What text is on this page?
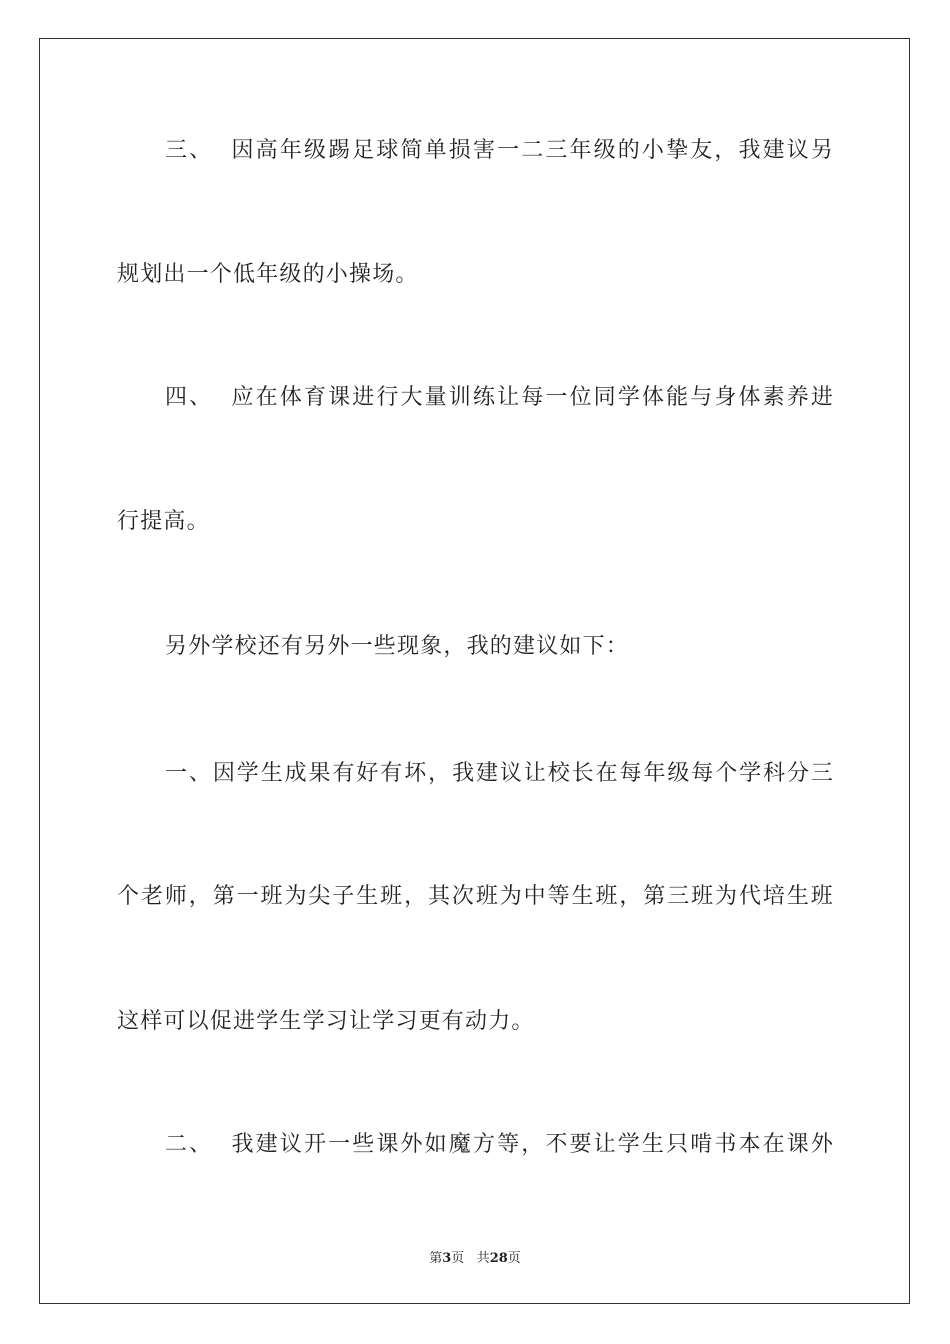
三 、

因 高 年 级 踢 足 球 简 单 损 害 一 二 三 年 级 的 小 挚 友 ， 我 建 议 另
规划出一个低年级的小操场。
四 、

应 在 体 育 课 进 行 大 量 训 练 让 每 一 位 同 学 体 能 与 身 体 素 养 进
行提高。
另外学校还有另外一些现象，我的建议如下：
一 、 因 学 生 成 果 有 好 有 坏 ， 我 建 议 让 校 长 在 每 年 级 每 个 学 科 分 三
个 老 师 ， 第 一 班 为 尖 子 生 班 ， 其 次 班 为 中 等 生 班 ， 第 三 班 为 代 培 生 班
这样可以促进学生学习让学习更有动力。
二 、

我 建 议 开 一 些 课 外 如 魔 方 等 ， 不 要 让 学 生 只 啃 书 本 在 课 外
第3页 共28页
